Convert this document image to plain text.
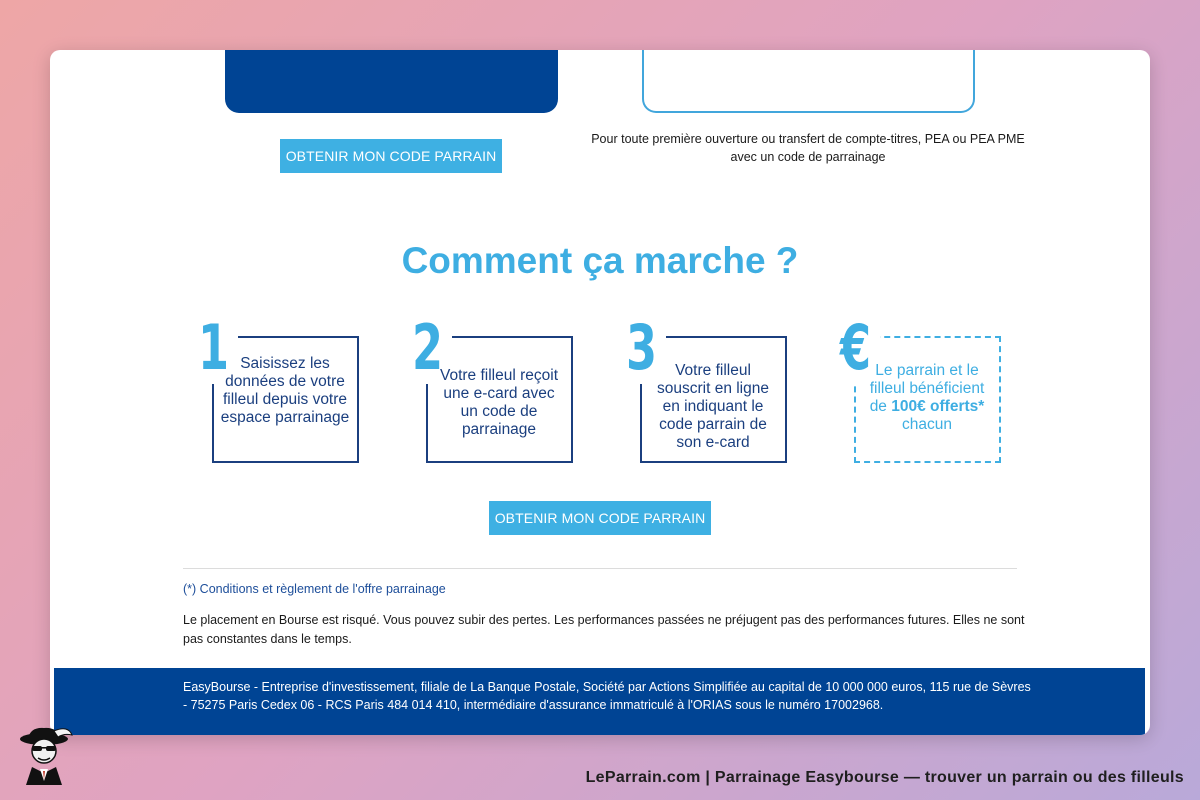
OBTENIR MON CODE PARRAIN
Pour toute première ouverture ou transfert de compte-titres, PEA ou PEA PME avec un code de parrainage
Comment ça marche ?
1 Saisissez les données de votre filleul depuis votre espace parrainage
2
Votre filleul reçoit une e-card avec un code de parrainage
3	Votre filleul souscrit en ligne en indiquant le code parrain de son e-card
€ Le parrain et le filleul bénéficient de 100€ offerts* chacun
OBTENIR MON CODE PARRAIN
(*) Conditions et règlement de l'offre parrainage

Le placement en Bourse est risqué. Vous pouvez subir des pertes. Les performances passées ne préjugent pas des performances futures. Elles ne sont pas constantes dans le temps.

EasyBourse - Entreprise d'investissement, filiale de La Banque Postale, Société par Actions Simplifiée au capital de 10 000 000 euros, 115 rue de Sèvres - 75275 Paris Cedex 06 - RCS Paris 484 014 410, intermédiaire d'assurance immatriculé à l'ORIAS sous le numéro 17002968.

LeParrain.com | Parrainage Easybourse — trouver un parrain ou des filleuls
